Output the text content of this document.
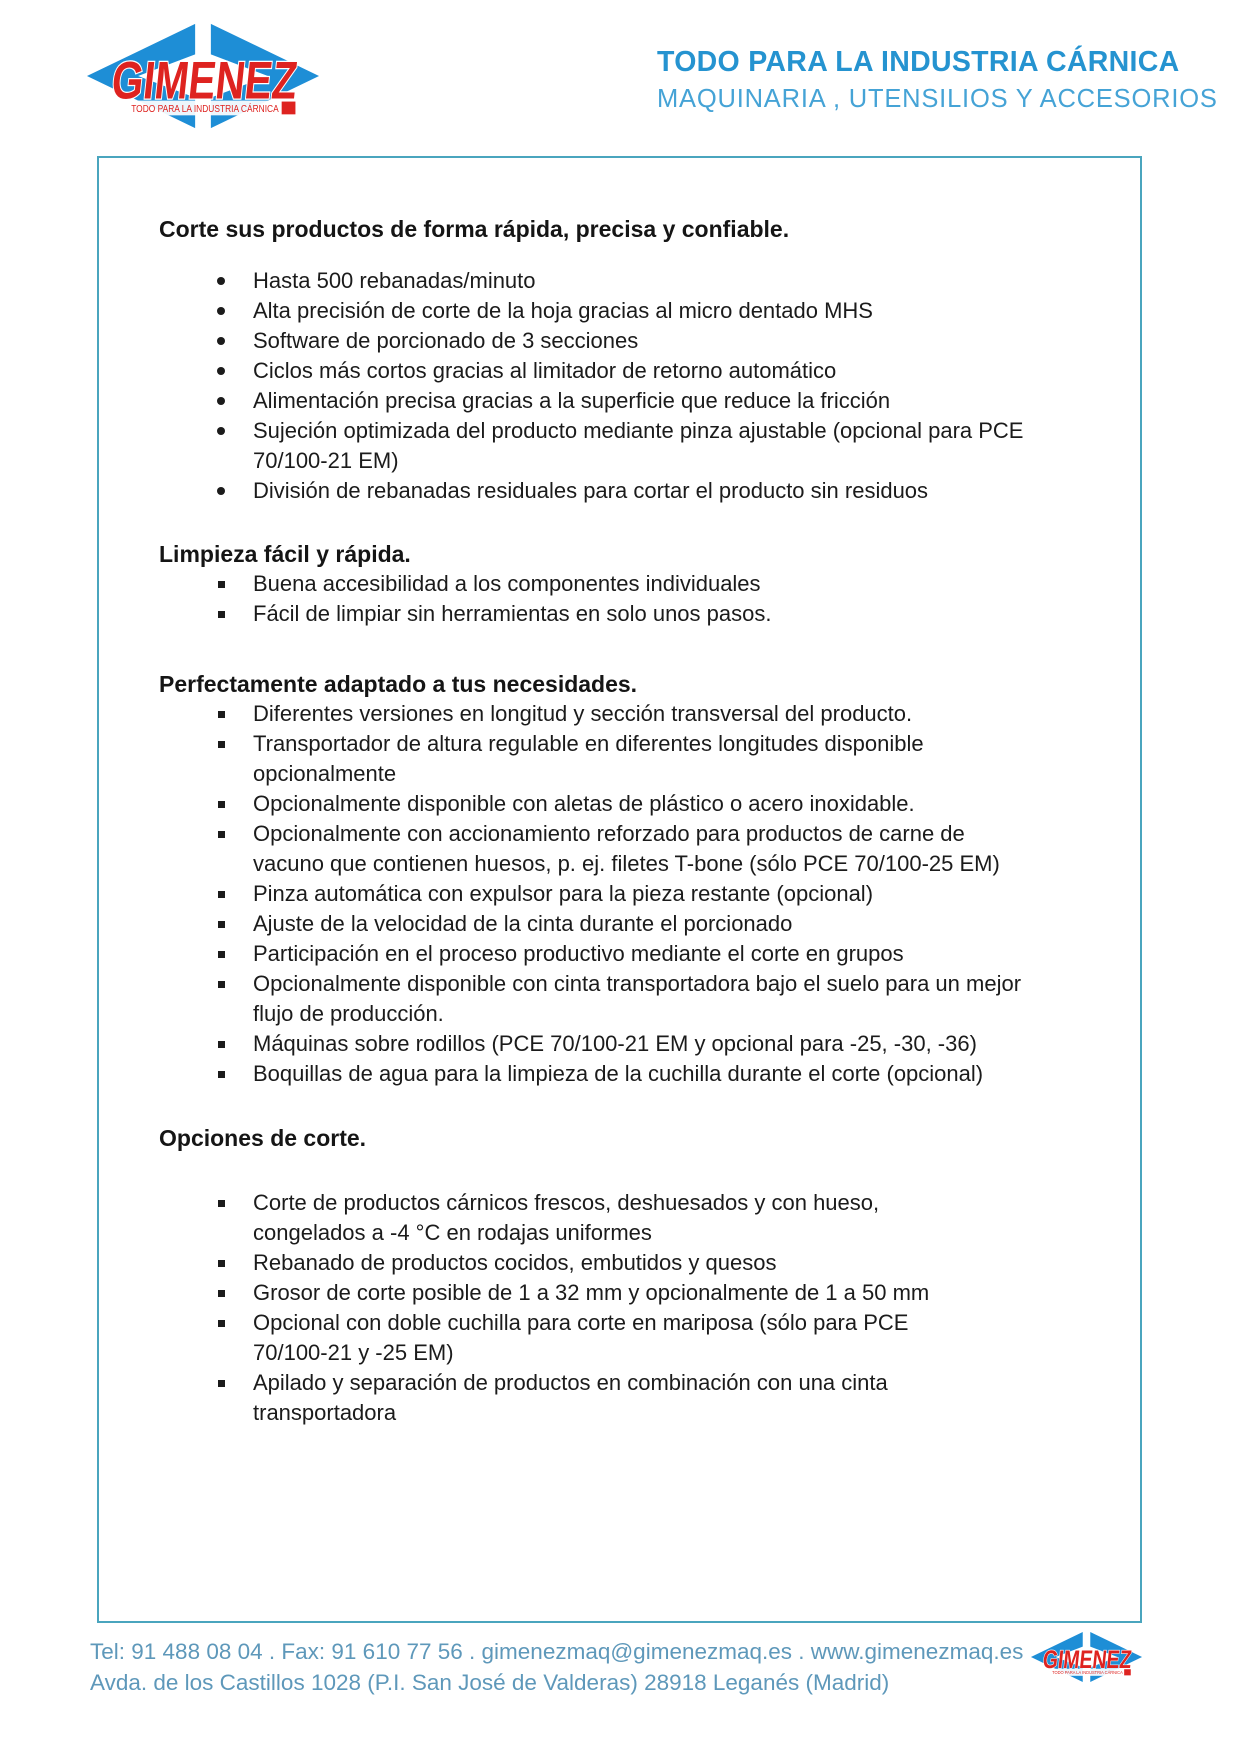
TODO PARA LA INDUSTRIA CÁRNICA
MAQUINARIA , UTENSILIOS Y ACCESORIOS
Corte sus productos de forma rápida, precisa y confiable.
Hasta 500 rebanadas/minuto
Alta precisión de corte de la hoja gracias al micro dentado MHS
Software de porcionado de 3 secciones
Ciclos más cortos gracias al limitador de retorno automático
Alimentación precisa gracias a la superficie que reduce la fricción
Sujeción optimizada del producto mediante pinza ajustable (opcional para PCE 70/100-21 EM)
División de rebanadas residuales para cortar el producto sin residuos
Limpieza fácil y rápida.
Buena accesibilidad a los componentes individuales
Fácil de limpiar sin herramientas en solo unos pasos.
Perfectamente adaptado a tus necesidades.
Diferentes versiones en longitud y sección transversal del producto.
Transportador de altura regulable en diferentes longitudes disponible opcionalmente
Opcionalmente disponible con aletas de plástico o acero inoxidable.
Opcionalmente con accionamiento reforzado para productos de carne de vacuno que contienen huesos, p. ej. filetes T-bone (sólo PCE 70/100-25 EM)
Pinza automática con expulsor para la pieza restante (opcional)
Ajuste de la velocidad de la cinta durante el porcionado
Participación en el proceso productivo mediante el corte en grupos
Opcionalmente disponible con cinta transportadora bajo el suelo para un mejor flujo de producción.
Máquinas sobre rodillos (PCE 70/100-21 EM y opcional para -25, -30, -36)
Boquillas de agua para la limpieza de la cuchilla durante el corte (opcional)
Opciones de corte.
Corte de productos cárnicos frescos, deshuesados y con hueso, congelados a -4 °C en rodajas uniformes
Rebanado de productos cocidos, embutidos y quesos
Grosor de corte posible de 1 a 32 mm y opcionalmente de 1 a 50 mm
Opcional con doble cuchilla para corte en mariposa (sólo para PCE 70/100-21 y -25 EM)
Apilado y separación de productos en combinación con una cinta transportadora
Tel: 91 488 08 04 . Fax: 91 610 77 56 . gimenezmaq@gimenezmaq.es . www.gimenezmaq.es
Avda. de los Castillos 1028 (P.I. San José de Valderas) 28918 Leganés (Madrid)
